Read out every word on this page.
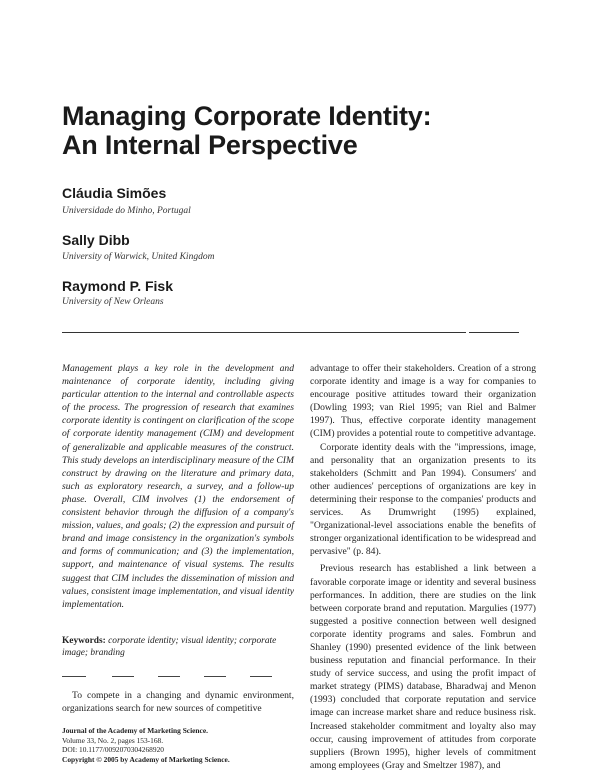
Managing Corporate Identity:
An Internal Perspective
Cláudia Simões
Universidade do Minho, Portugal
Sally Dibb
University of Warwick, United Kingdom
Raymond P. Fisk
University of New Orleans

Management plays a key role in the development and maintenance of corporate identity, including giving particular attention to the internal and controllable aspects of the process. The progression of research that examines corporate identity is contingent on clarification of the scope of corporate identity management (CIM) and development of generalizable and applicable measures of the construct. This study develops an interdisciplinary measure of the CIM construct by drawing on the literature and primary data, such as exploratory research, a survey, and a follow-up phase. Overall, CIM involves (1) the endorsement of consistent behavior through the diffusion of a company's mission, values, and goals; (2) the expression and pursuit of brand and image consistency in the organization's symbols and forms of communication; and (3) the implementation, support, and maintenance of visual systems. The results suggest that CIM includes the dissemination of mission and values, consistent image implementation, and visual identity implementation.

Keywords: corporate identity; visual identity; corporate image; branding

To compete in a changing and dynamic environment, organizations search for new sources of competitive

Journal of the Academy of Marketing Science.
Volume 33, No. 2, pages 153-168.
DOI: 10.1177/0092070304268920
Copyright © 2005 by Academy of Marketing Science.

advantage to offer their stakeholders. Creation of a strong corporate identity and image is a way for companies to encourage positive attitudes toward their organization (Dowling 1993; van Riel 1995; van Riel and Balmer 1997). Thus, effective corporate identity management (CIM) provides a potential route to competitive advantage.

Corporate identity deals with the "impressions, image, and personality that an organization presents to its stakeholders (Schmitt and Pan 1994). Consumers' and other audiences' perceptions of organizations are key in determining their response to the companies' products and services. As Drumwright (1995) explained, "Organizational-level associations enable the benefits of stronger organizational identification to be widespread and pervasive" (p. 84).

Previous research has established a link between a favorable corporate image or identity and several business performances. In addition, there are studies on the link between corporate brand and reputation. Margulies (1977) suggested a positive connection between well designed corporate identity programs and sales. Fombrun and Shanley (1990) presented evidence of the link between business reputation and financial performance. In their study of service success, and using the profit impact of market strategy (PIMS) database, Bharadwaj and Menon (1993) concluded that corporate reputation and service image can increase market share and reduce business risk. Increased stakeholder commitment and loyalty also may occur, causing improvement of attitudes from corporate suppliers (Brown 1995), higher levels of commitment among employees (Gray and Smeltzer 1987), and
